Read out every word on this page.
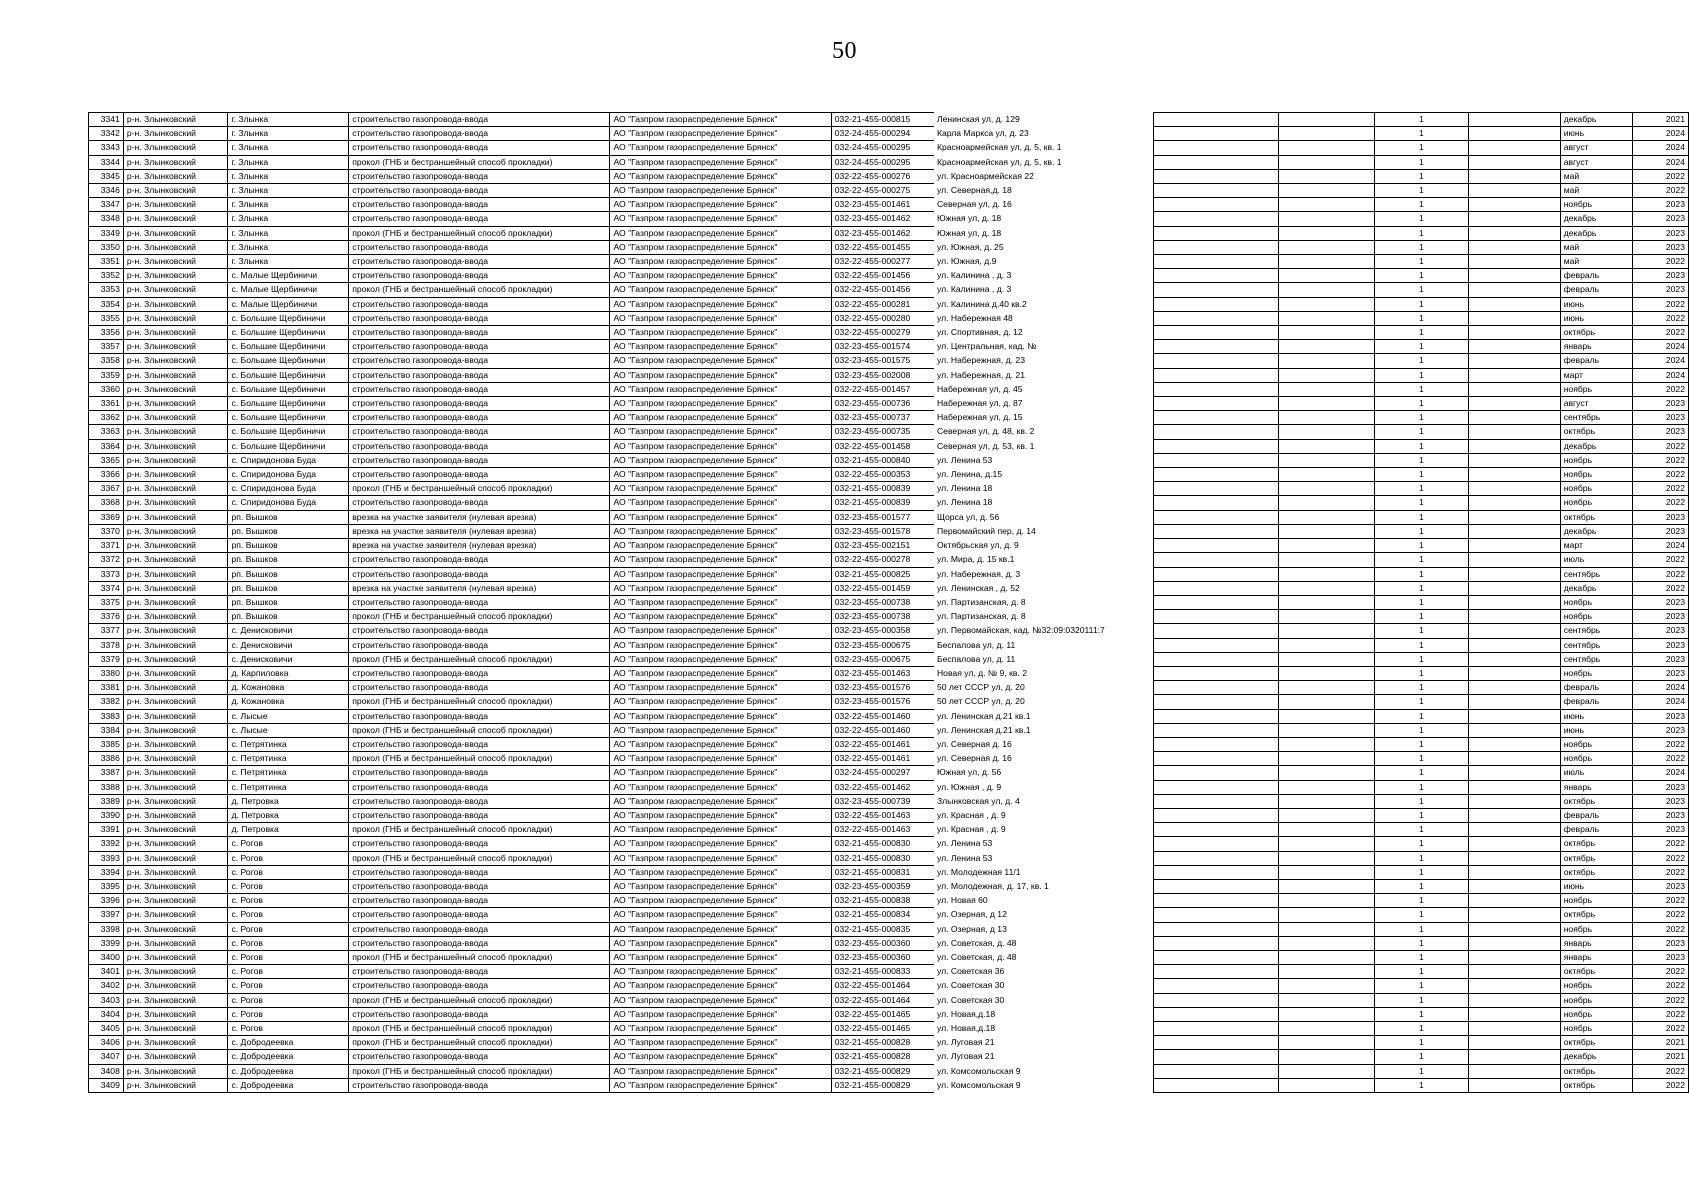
50
3341	р-н. Злынковский	г. Злынка	строительство газопровода-ввода	АО "Газпром газораспределение Брянск"	032-21-455-000815	Ленинская ул, д. 129				1		декабрь	2021
3342	р-н. Злынковский	г. Злынка	строительство газопровода-ввода	АО "Газпром газораспределение Брянск"	032-24-455-000294	Карла Маркса ул, д. 23				1		июнь	2024
3343	р-н. Злынковский	г. Злынка	строительство газопровода-ввода	АО "Газпром газораспределение Брянск"	032-24-455-000295	Красноармейская ул, д. 5, кв. 1				1		август	2024
3344	р-н. Злынковский	г. Злынка	прокол (ГНБ и бестраншейный способ прокладки)	АО "Газпром газораспределение Брянск"	032-24-455-000295	Красноармейская ул, д. 5, кв. 1				1		август	2024
3345	р-н. Злынковский	г. Злынка	строительство газопровода-ввода	АО "Газпром газораспределение Брянск"	032-22-455-000276	ул. Красноармейская 22				1		май	2022
3346	р-н. Злынковский	г. Злынка	строительство газопровода-ввода	АО "Газпром газораспределение Брянск"	032-22-455-000275	ул. Северная,д. 18				1		май	2022
3347	р-н. Злынковский	г. Злынка	строительство газопровода-ввода	АО "Газпром газораспределение Брянск"	032-23-455-001461	Северная ул, д. 16				1		ноябрь	2023
3348	р-н. Злынковский	г. Злынка	строительство газопровода-ввода	АО "Газпром газораспределение Брянск"	032-23-455-001462	Южная ул, д. 18				1		декабрь	2023
3349	р-н. Злынковский	г. Злынка	прокол (ГНБ и бестраншейный способ прокладки)	АО "Газпром газораспределение Брянск"	032-23-455-001462	Южная ул, д. 18				1		декабрь	2023
3350	р-н. Злынковский	г. Злынка	строительство газопровода-ввода	АО "Газпром газораспределение Брянск"	032-22-455-001455	ул. Южная, д. 25				1		май	2023
3351	р-н. Злынковский	г. Злынка	строительство газопровода-ввода	АО "Газпром газораспределение Брянск"	032-22-455-000277	ул. Южная, д.9				1		май	2022
3352	р-н. Злынковский	с. Малые Щербиничи	строительство газопровода-ввода	АО "Газпром газораспределение Брянск"	032-22-455-001456	ул. Калинина , д. 3				1		февраль	2023
3353	р-н. Злынковский	с. Малые Щербиничи	прокол (ГНБ и бестраншейный способ прокладки)	АО "Газпром газораспределение Брянск"	032-22-455-001456	ул. Калинина , д. 3				1		февраль	2023
3354	р-н. Злынковский	с. Малые Щербиничи	строительство газопровода-ввода	АО "Газпром газораспределение Брянск"	032-22-455-000281	ул. Калинина д.40 кв.2				1		июнь	2022
3355	р-н. Злынковский	с. Большие Щербиничи	строительство газопровода-ввода	АО "Газпром газораспределение Брянск"	032-22-455-000280	ул. Набережная 48				1		июнь	2022
3356	р-н. Злынковский	с. Большие Щербиничи	строительство газопровода-ввода	АО "Газпром газораспределение Брянск"	032-22-455-000279	ул. Спортивная, д. 12				1		октябрь	2022
3357	р-н. Злынковский	с. Большие Щербиничи	строительство газопровода-ввода	АО "Газпром газораспределение Брянск"	032-23-455-001574	ул. Центральная, кад. №				1		январь	2024
3358	р-н. Злынковский	с. Большие Щербиничи	строительство газопровода-ввода	АО "Газпром газораспределение Брянск"	032-23-455-001575	ул. Набережная, д. 23				1		февраль	2024
3359	р-н. Злынковский	с. Большие Щербиничи	строительство газопровода-ввода	АО "Газпром газораспределение Брянск"	032-23-455-002008	ул. Набережная, д. 21				1		март	2024
3360	р-н. Злынковский	с. Большие Щербиничи	строительство газопровода-ввода	АО "Газпром газораспределение Брянск"	032-22-455-001457	Набережная ул, д. 45				1		ноябрь	2022
3361	р-н. Злынковский	с. Большие Щербиничи	строительство газопровода-ввода	АО "Газпром газораспределение Брянск"	032-23-455-000736	Набережная ул, д. 87				1		август	2023
3362	р-н. Злынковский	с. Большие Щербиничи	строительство газопровода-ввода	АО "Газпром газораспределение Брянск"	032-23-455-000737	Набережная ул, д. 15				1		сентябрь	2023
3363	р-н. Злынковский	с. Большие Щербиничи	строительство газопровода-ввода	АО "Газпром газораспределение Брянск"	032-23-455-000735	Северная ул, д. 48, кв. 2				1		октябрь	2023
3364	р-н. Злынковский	с. Большие Щербиничи	строительство газопровода-ввода	АО "Газпром газораспределение Брянск"	032-22-455-001458	Северная ул, д. 53, кв. 1				1		декабрь	2022
3365	р-н. Злынковский	с. Спиридонова Буда	строительство газопровода-ввода	АО "Газпром газораспределение Брянск"	032-21-455-000840	ул. Ленина 53				1		ноябрь	2022
3366	р-н. Злынковский	с. Спиридонова Буда	строительство газопровода-ввода	АО "Газпром газораспределение Брянск"	032-22-455-000353	ул. Ленина, д.15				1		ноябрь	2022
3367	р-н. Злынковский	с. Спиридонова Буда	прокол (ГНБ и бестраншейный способ прокладки)	АО "Газпром газораспределение Брянск"	032-21-455-000839	ул. Ленина 18				1		ноябрь	2022
3368	р-н. Злынковский	с. Спиридонова Буда	строительство газопровода-ввода	АО "Газпром газораспределение Брянск"	032-21-455-000839	ул. Ленина 18				1		ноябрь	2022
3369	р-н. Злынковский	рп. Вышков	врезка на участке заявителя (нулевая врезка)	АО "Газпром газораспределение Брянск"	032-23-455-001577	Щорса ул, д. 56				1		октябрь	2023
3370	р-н. Злынковский	рп. Вышков	врезка на участке заявителя (нулевая врезка)	АО "Газпром газораспределение Брянск"	032-23-455-001578	Первомайский пер, д. 14				1		декабрь	2023
3371	р-н. Злынковский	рп. Вышков	врезка на участке заявителя (нулевая врезка)	АО "Газпром газораспределение Брянск"	032-23-455-002151	Октябрьская ул, д. 9				1		март	2024
3372	р-н. Злынковский	рп. Вышков	строительство газопровода-ввода	АО "Газпром газораспределение Брянск"	032-22-455-000278	ул. Мира, д. 15 кв.1				1		июль	2022
3373	р-н. Злынковский	рп. Вышков	строительство газопровода-ввода	АО "Газпром газораспределение Брянск"	032-21-455-000825	ул. Набережная, д. 3				1		сентябрь	2022
3374	р-н. Злынковский	рп. Вышков	врезка на участке заявителя (нулевая врезка)	АО "Газпром газораспределение Брянск"	032-22-455-001459	ул. Ленинская , д. 52				1		декабрь	2022
3375	р-н. Злынковский	рп. Вышков	строительство газопровода-ввода	АО "Газпром газораспределение Брянск"	032-23-455-000738	ул. Партизанская, д. 8				1		ноябрь	2023
3376	р-н. Злынковский	рп. Вышков	прокол (ГНБ и бестраншейный способ прокладки)	АО "Газпром газораспределение Брянск"	032-23-455-000738	ул. Партизанская, д. 8				1		ноябрь	2023
3377	р-н. Злынковский	с. Денисковичи	строительство газопровода-ввода	АО "Газпром газораспределение Брянск"	032-23-455-000358	ул. Первомайская, кад. №32:09:0320111:7				1		сентябрь	2023
3378	р-н. Злынковский	с. Денисковичи	строительство газопровода-ввода	АО "Газпром газораспределение Брянск"	032-23-455-000675	Беспалова ул, д. 11				1		сентябрь	2023
3379	р-н. Злынковский	с. Денисковичи	прокол (ГНБ и бестраншейный способ прокладки)	АО "Газпром газораспределение Брянск"	032-23-455-000675	Беспалова ул, д. 11				1		сентябрь	2023
3380	р-н. Злынковский	д. Карпиловка	строительство газопровода-ввода	АО "Газпром газораспределение Брянск"	032-23-455-001463	Новая ул, д. № 9, кв. 2				1		ноябрь	2023
3381	р-н. Злынковский	д. Кожановка	строительство газопровода-ввода	АО "Газпром газораспределение Брянск"	032-23-455-001576	50 лет СССР ул, д. 20				1		февраль	2024
3382	р-н. Злынковский	д. Кожановка	прокол (ГНБ и бестраншейный способ прокладки)	АО "Газпром газораспределение Брянск"	032-23-455-001576	50 лет СССР ул, д. 20				1		февраль	2024
3383	р-н. Злынковский	с. Лысые	строительство газопровода-ввода	АО "Газпром газораспределение Брянск"	032-22-455-001460	ул. Ленинская д.21 кв.1				1		июнь	2023
3384	р-н. Злынковский	с. Лысые	прокол (ГНБ и бестраншейный способ прокладки)	АО "Газпром газораспределение Брянск"	032-22-455-001460	ул. Ленинская д.21 кв.1				1		июнь	2023
3385	р-н. Злынковский	с. Петрятинка	строительство газопровода-ввода	АО "Газпром газораспределение Брянск"	032-22-455-001461	ул. Северная д. 16				1		ноябрь	2022
3386	р-н. Злынковский	с. Петрятинка	прокол (ГНБ и бестраншейный способ прокладки)	АО "Газпром газораспределение Брянск"	032-22-455-001461	ул. Северная д. 16				1		ноябрь	2022
3387	р-н. Злынковский	с. Петрятинка	строительство газопровода-ввода	АО "Газпром газораспределение Брянск"	032-24-455-000297	Южная ул, д. 56				1		июль	2024
3388	р-н. Злынковский	с. Петрятинка	строительство газопровода-ввода	АО "Газпром газораспределение Брянск"	032-22-455-001462	ул. Южная , д. 9				1		январь	2023
3389	р-н. Злынковский	д. Петровка	строительство газопровода-ввода	АО "Газпром газораспределение Брянск"	032-23-455-000739	Злынковская ул, д. 4				1		октябрь	2023
3390	р-н. Злынковский	д. Петровка	строительство газопровода-ввода	АО "Газпром газораспределение Брянск"	032-22-455-001463	ул. Красная , д. 9				1		февраль	2023
3391	р-н. Злынковский	д. Петровка	прокол (ГНБ и бестраншейный способ прокладки)	АО "Газпром газораспределение Брянск"	032-22-455-001463	ул. Красная , д. 9				1		февраль	2023
3392	р-н. Злынковский	с. Рогов	строительство газопровода-ввода	АО "Газпром газораспределение Брянск"	032-21-455-000830	ул. Ленина 53				1		октябрь	2022
3393	р-н. Злынковский	с. Рогов	прокол (ГНБ и бестраншейный способ прокладки)	АО "Газпром газораспределение Брянск"	032-21-455-000830	ул. Ленина 53				1		октябрь	2022
3394	р-н. Злынковский	с. Рогов	строительство газопровода-ввода	АО "Газпром газораспределение Брянск"	032-21-455-000831	ул. Молодежная 11/1				1		октябрь	2022
3395	р-н. Злынковский	с. Рогов	строительство газопровода-ввода	АО "Газпром газораспределение Брянск"	032-23-455-000359	ул. Молодежная, д. 17, кв. 1				1		июнь	2023
3396	р-н. Злынковский	с. Рогов	строительство газопровода-ввода	АО "Газпром газораспределение Брянск"	032-21-455-000838	ул. Новая 60				1		ноябрь	2022
3397	р-н. Злынковский	с. Рогов	строительство газопровода-ввода	АО "Газпром газораспределение Брянск"	032-21-455-000834	ул. Озерная, д 12				1		октябрь	2022
3398	р-н. Злынковский	с. Рогов	строительство газопровода-ввода	АО "Газпром газораспределение Брянск"	032-21-455-000835	ул. Озерная, д 13				1		ноябрь	2022
3399	р-н. Злынковский	с. Рогов	строительство газопровода-ввода	АО "Газпром газораспределение Брянск"	032-23-455-000360	ул. Советская, д. 48				1		январь	2023
3400	р-н. Злынковский	с. Рогов	прокол (ГНБ и бестраншейный способ прокладки)	АО "Газпром газораспределение Брянск"	032-23-455-000360	ул. Советская, д. 48				1		январь	2023
3401	р-н. Злынковский	с. Рогов	строительство газопровода-ввода	АО "Газпром газораспределение Брянск"	032-21-455-000833	ул. Советская 36				1		октябрь	2022
3402	р-н. Злынковский	с. Рогов	строительство газопровода-ввода	АО "Газпром газораспределение Брянск"	032-22-455-001464	ул. Советская 30				1		ноябрь	2022
3403	р-н. Злынковский	с. Рогов	прокол (ГНБ и бестраншейный способ прокладки)	АО "Газпром газораспределение Брянск"	032-22-455-001464	ул. Советская 30				1		ноябрь	2022
3404	р-н. Злынковский	с. Рогов	строительство газопровода-ввода	АО "Газпром газораспределение Брянск"	032-22-455-001465	ул. Новая,д.18				1		ноябрь	2022
3405	р-н. Злынковский	с. Рогов	прокол (ГНБ и бестраншейный способ прокладки)	АО "Газпром газораспределение Брянск"	032-22-455-001465	ул. Новая,д.18				1		ноябрь	2022
3406	р-н. Злынковский	с. Добродеевка	прокол (ГНБ и бестраншейный способ прокладки)	АО "Газпром газораспределение Брянск"	032-21-455-000828	ул. Луговая 21				1		октябрь	2021
3407	р-н. Злынковский	с. Добродеевка	строительство газопровода-ввода	АО "Газпром газораспределение Брянск"	032-21-455-000828	ул. Луговая 21				1		декабрь	2021
3408	р-н. Злынковский	с. Добродеевка	прокол (ГНБ и бестраншейный способ прокладки)	АО "Газпром газораспределение Брянск"	032-21-455-000829	ул. Комсомольская 9				1		октябрь	2022
3409	р-н. Злынковский	с. Добродеевка	строительство газопровода-ввода	АО "Газпром газораспределение Брянск"	032-21-455-000829	ул. Комсомольская 9				1		октябрь	2022
